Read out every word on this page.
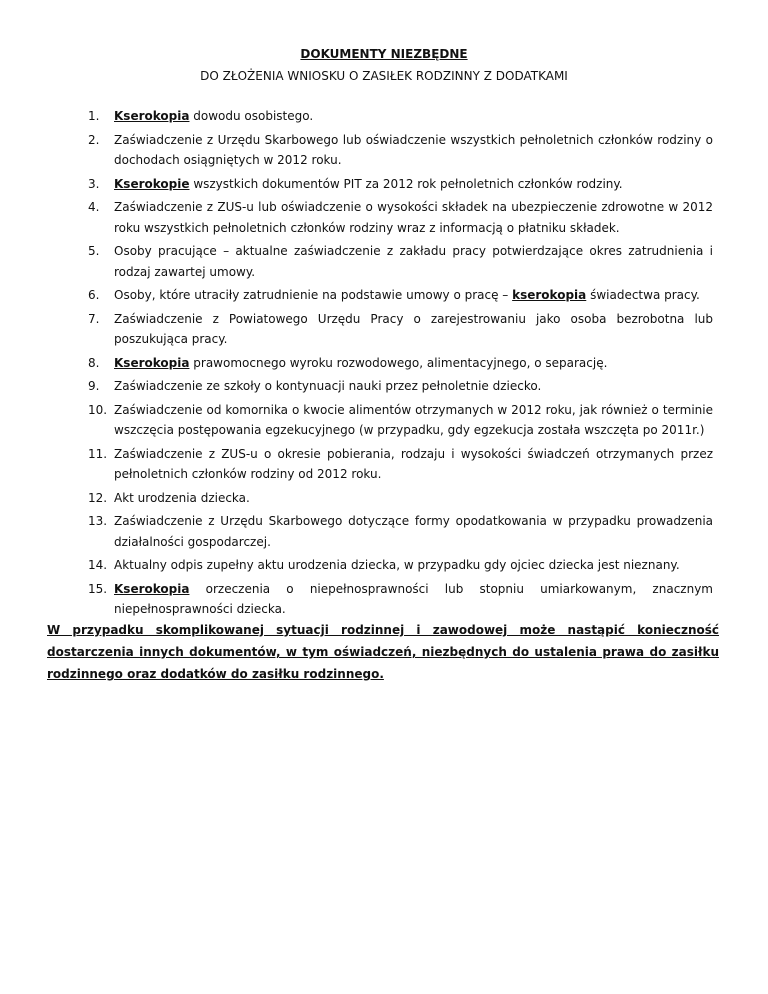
DOKUMENTY NIEZBĘDNE
DO ZŁOŻENIA WNIOSKU O ZASIŁEK RODZINNY Z DODATKAMI
1.	Kserokopia dowodu osobistego.
2.	Zaświadczenie z Urzędu Skarbowego lub oświadczenie wszystkich pełnoletnich członków rodziny o dochodach osiągniętych w 2012 roku.
3.	Kserokopie wszystkich dokumentów PIT za 2012 rok pełnoletnich członków rodziny.
4.	Zaświadczenie z ZUS-u lub oświadczenie o wysokości składek na ubezpieczenie zdrowotne w 2012 roku wszystkich pełnoletnich członków rodziny wraz z informacją o płatniku składek.
5.	Osoby pracujące – aktualne zaświadczenie z zakładu pracy potwierdzające okres zatrudnienia i rodzaj zawartej umowy.
6.	Osoby, które utraciły zatrudnienie na podstawie umowy o pracę – kserokopia świadectwa pracy.
7.	Zaświadczenie z Powiatowego Urzędu Pracy o zarejestrowaniu jako osoba bezrobotna lub poszukująca pracy.
8.	Kserokopia prawomocnego wyroku rozwodowego, alimentacyjnego, o separację.
9.	Zaświadczenie ze szkoły o kontynuacji nauki przez pełnoletnie dziecko.
10. Zaświadczenie od komornika o kwocie alimentów otrzymanych w 2012 roku, jak również o terminie wszczęcia postępowania egzekucyjnego (w przypadku, gdy egzekucja została wszczęta po 2011r.)
11. Zaświadczenie z ZUS-u o okresie pobierania, rodzaju i wysokości świadczeń otrzymanych przez pełnoletnich członków rodziny od 2012 roku.
12. Akt urodzenia dziecka.
13. Zaświadczenie z Urzędu Skarbowego dotyczące formy opodatkowania w przypadku prowadzenia działalności gospodarczej.
14. Aktualny odpis zupełny aktu urodzenia dziecka, w przypadku gdy ojciec dziecka jest nieznany.
15. Kserokopia orzeczenia o niepełnosprawności lub stopniu umiarkowanym, znacznym niepełnosprawności dziecka.
W przypadku skomplikowanej sytuacji rodzinnej i zawodowej może nastąpić konieczność dostarczenia innych dokumentów, w tym oświadczeń, niezbędnych do ustalenia prawa do zasiłku rodzinnego oraz dodatków do zasiłku rodzinnego.
